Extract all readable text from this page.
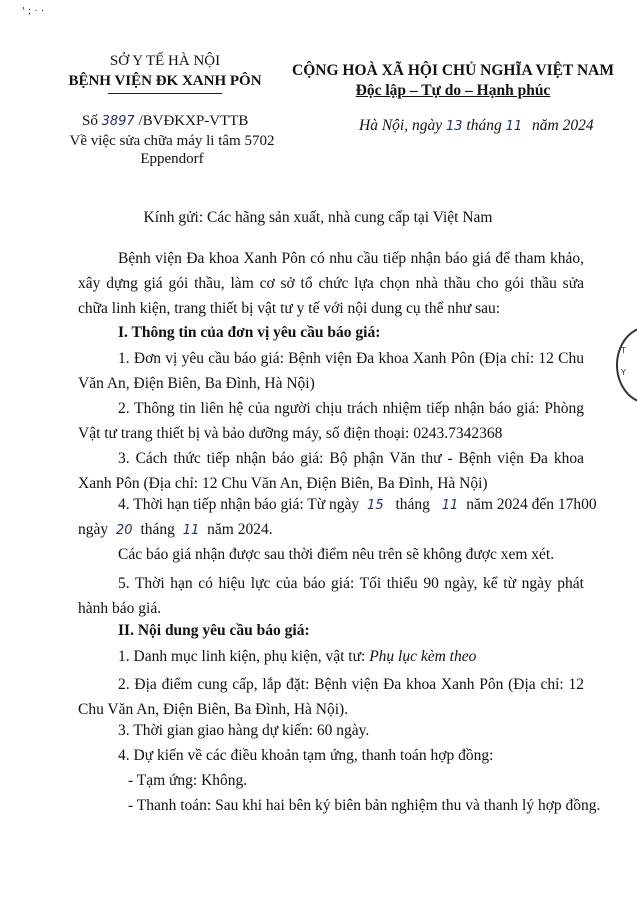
' ; · ·
SỞ Y TẾ HÀ NỘI
BỆNH VIỆN ĐK XANH PÔN
Số 3897 /BVĐKXP-VTTB
Về việc sửa chữa máy li tâm 5702
Eppendorf
CỘNG HOÀ XÃ HỘI CHỦ NGHĨA VIỆT NAM
Độc lập – Tự do – Hạnh phúc
Hà Nội, ngày 13 tháng 11 năm 2024
Kính gửi: Các hãng sản xuất, nhà cung cấp tại Việt Nam
Bệnh viện Đa khoa Xanh Pôn có nhu cầu tiếp nhận báo giá để tham khảo, xây dựng giá gói thầu, làm cơ sở tổ chức lựa chọn nhà thầu cho gói thầu sửa chữa linh kiện, trang thiết bị vật tư y tế với nội dung cụ thể như sau:
I. Thông tin của đơn vị yêu cầu báo giá:
1. Đơn vị yêu cầu báo giá: Bệnh viện Đa khoa Xanh Pôn (Địa chỉ: 12 Chu Văn An, Điện Biên, Ba Đình, Hà Nội)
2. Thông tin liên hệ của người chịu trách nhiệm tiếp nhận báo giá: Phòng Vật tư trang thiết bị và bảo dưỡng máy, số điện thoại: 0243.7342368
3. Cách thức tiếp nhận báo giá: Bộ phận Văn thư - Bệnh viện Đa khoa Xanh Pôn (Địa chỉ: 12 Chu Văn An, Điện Biên, Ba Đình, Hà Nội)
4. Thời hạn tiếp nhận báo giá: Từ ngày 15 tháng 11 năm 2024 đến 17h00
ngày 20 tháng 11 năm 2024.
Các báo giá nhận được sau thời điểm nêu trên sẽ không được xem xét.
5. Thời hạn có hiệu lực của báo giá: Tối thiểu 90 ngày, kể từ ngày phát hành báo giá.
II. Nội dung yêu cầu báo giá:
1. Danh mục linh kiện, phụ kiện, vật tư: Phụ lục kèm theo
2. Địa điểm cung cấp, lắp đặt: Bệnh viện Đa khoa Xanh Pôn (Địa chỉ: 12 Chu Văn An, Điện Biên, Ba Đình, Hà Nội).
3. Thời gian giao hàng dự kiến: 60 ngày.
4. Dự kiến về các điều khoản tạm ứng, thanh toán hợp đồng:
- Tạm ứng: Không.
- Thanh toán: Sau khi hai bên ký biên bản nghiệm thu và thanh lý hợp đồng.
T
Y
